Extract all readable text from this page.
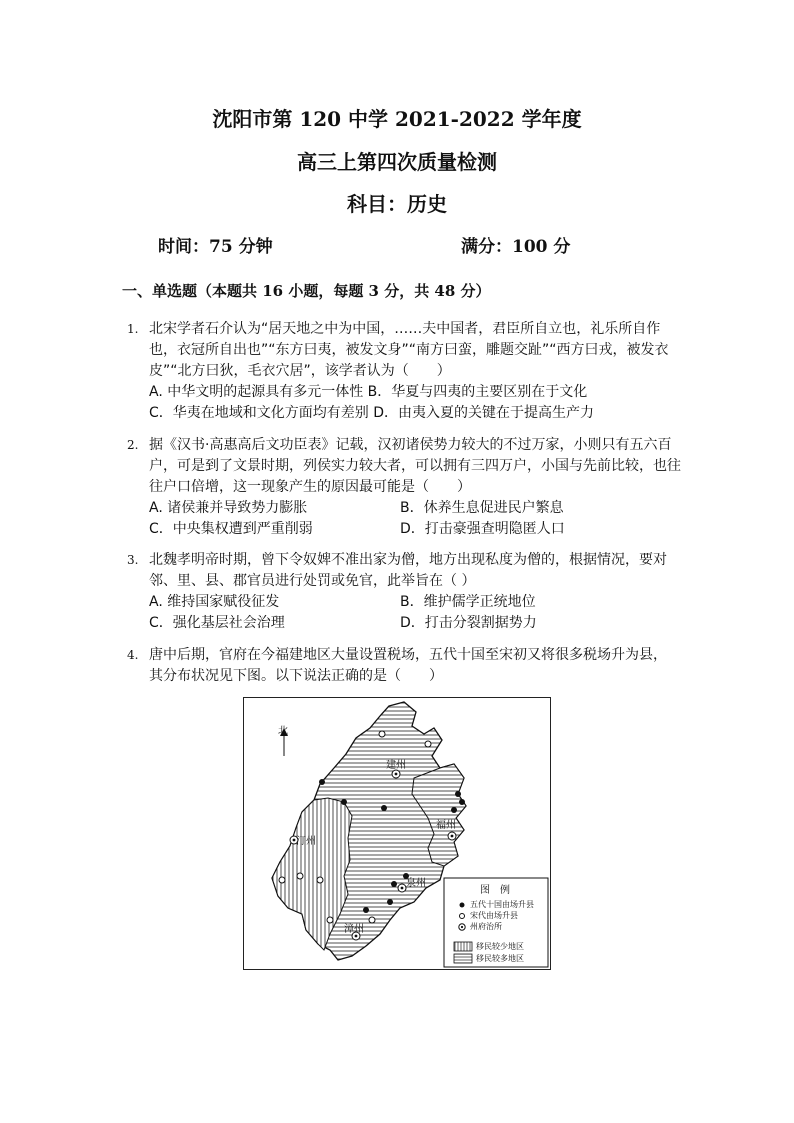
沈阳市第 120 中学 2021-2022 学年度
高三上第四次质量检测
科目：历史
时间：75 分钟	满分：100 分
一、单选题（本题共 16 小题，每题 3 分，共 48 分）
1. 北宋学者石介认为“居天地之中为中国，……夫中国者，君臣所自立也，礼乐所自作
也，衣冠所自出也”“东方曰夷，被发文身”“南方曰蛮，雕题交趾”“西方曰戎，被发衣
皮”“北方曰狄，毛衣穴居”，该学者认为（　　）
A. 中华文明的起源具有多元一体性 B．华夏与四夷的主要区别在于文化
C．华夷在地域和文化方面均有差别 D．由夷入夏的关键在于提高生产力
2. 据《汉书·高惠高后文功臣表》记载，汉初诸侯势力较大的不过万家，小则只有五六百
户，可是到了文景时期，列侯实力较大者，可以拥有三四万户，小国与先前比较，也往
往户口倍增，这一现象产生的原因最可能是（　　）
A. 诸侯兼并导致势力膨胀	B．休养生息促进民户繁息
C．中央集权遭到严重削弱	D．打击豪强查明隐匿人口
3. 北魏孝明帝时期，曾下令奴婢不准出家为僧，地方出现私度为僧的，根据情况，要对
邻、里、县、郡官员进行处罚或免官，此举旨在（ ）
A. 维持国家赋役征发	B．维护儒学正统地位
C．强化基层社会治理	D．打击分裂割据势力
4. 唐中后期，官府在今福建地区大量设置税场，五代十国至宋初又将很多税场升为县，
其分布状况见下图。以下说法正确的是（　　）
北
建州
汀州
福州
泉州
漳州
图　例
五代十国由场升县
宋代由场升县
州府治所
移民较少地区
移民较多地区
